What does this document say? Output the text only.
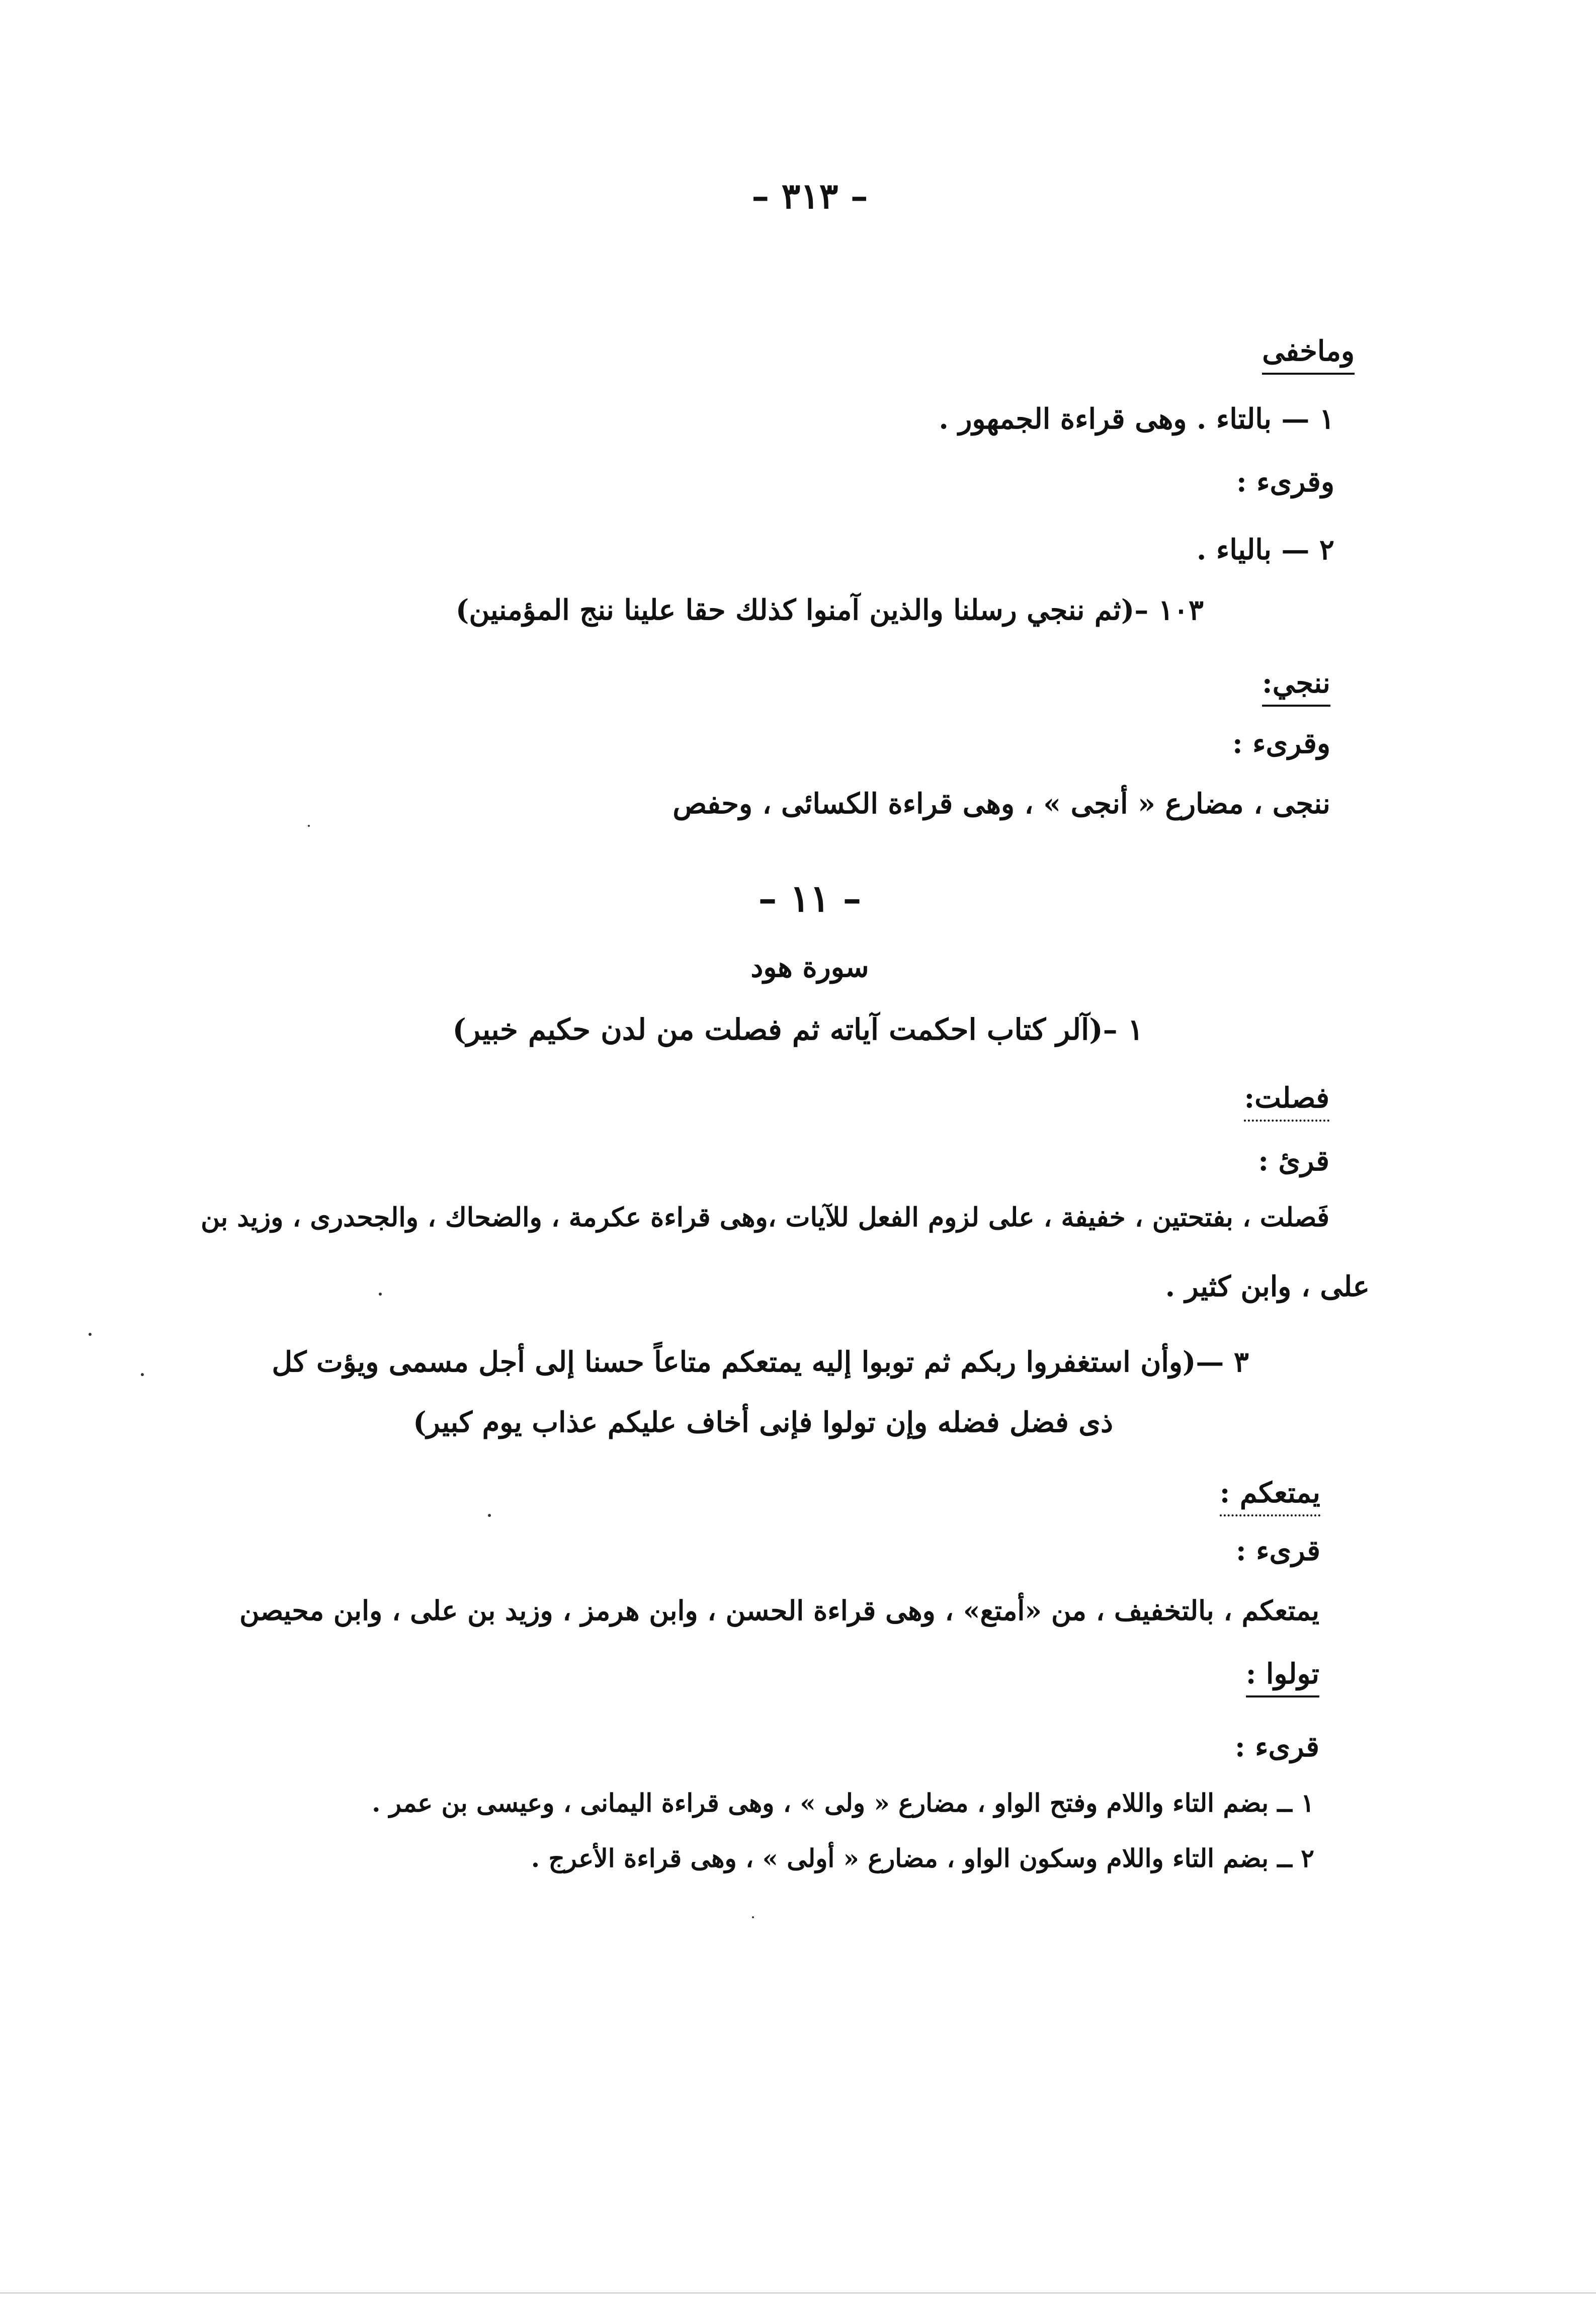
– ٣١٣ –
وماخفى
١ — بالتاء . وهى قراءة الجمهور .
وقرىء :
٢ — بالياء .
١٠٣ –(ثم ننجي رسلنا والذين آمنوا كذلك حقا علينا ننج المؤمنين)
ننجي:
وقرىء :
ننجى ، مضارع « أنجى » ، وهى قراءة الكسائى ، وحفص
– ١١ –
سورة هود
١ –(آلر كتاب احكمت آياته ثم فصلت من لدن حكيم خبير)
فصلت:
قرئ :
فَصلت ، بفتحتين ، خفيفة ، على لزوم الفعل للآيات ،وهى قراءة عكرمة ، والضحاك ، والجحدرى ، وزيد بن
على ، وابن كثير .
٣ —(وأن استغفروا ربكم ثم توبوا إليه يمتعكم متاعاً حسنا إلى أجل مسمى ويؤت كل
ذى فضل فضله وإن تولوا فإنى أخاف عليكم عذاب يوم كبير)
يمتعكم :
قرىء :
يمتعكم ، بالتخفيف ، من «أمتع» ، وهى قراءة الحسن ، وابن هرمز ، وزيد بن على ، وابن محيصن
تولوا :
قرىء :
١ ــ بضم التاء واللام وفتح الواو ، مضارع « ولى » ، وهى قراءة اليمانى ، وعيسى بن عمر .
٢ ــ بضم التاء واللام وسكون الواو ، مضارع « أولى » ، وهى قراءة الأعرج .
